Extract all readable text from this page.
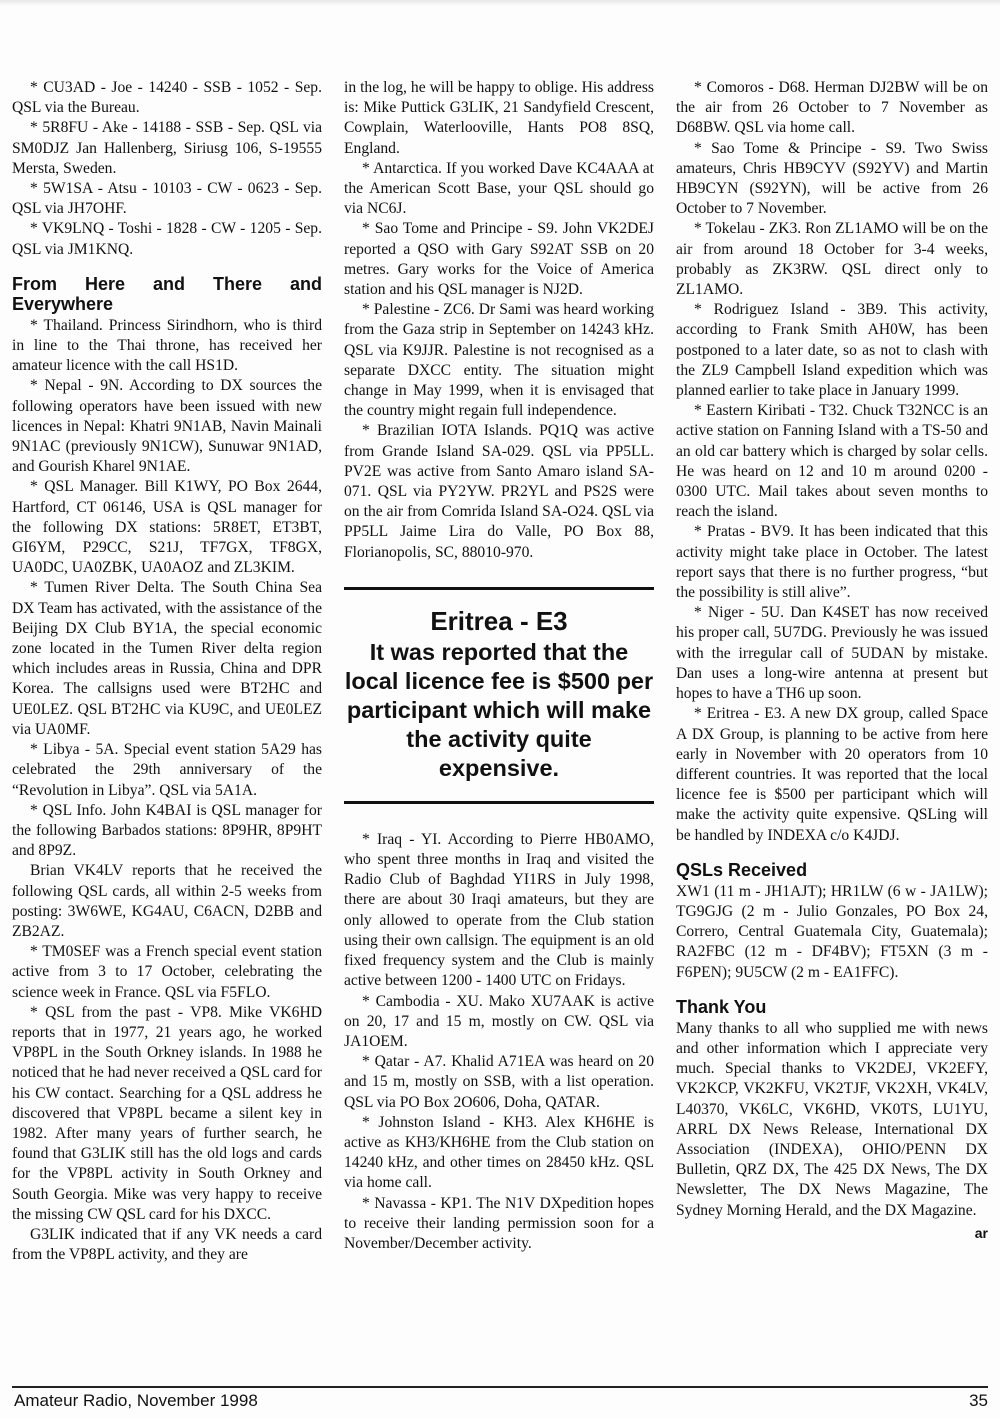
* CU3AD - Joe - 14240 - SSB - 1052 - Sep. QSL via the Bureau.

* 5R8FU - Ake - 14188 - SSB - Sep. QSL via SM0DJZ Jan Hallenberg, Siriusg 106, S-19555 Mersta, Sweden.

* 5W1SA - Atsu - 10103 - CW - 0623 - Sep. QSL via JH7OHF.

* VK9LNQ - Toshi - 1828 - CW - 1205 - Sep. QSL via JM1KNQ.

From Here and There and Everywhere

* Thailand. Princess Sirindhorn, who is third in line to the Thai throne, has received her amateur licence with the call HS1D.

* Nepal - 9N. According to DX sources the following operators have been issued with new licences in Nepal: Khatri 9N1AB, Navin Mainali 9N1AC (previously 9N1CW), Sunuwar 9N1AD, and Gourish Kharel 9N1AE.

* QSL Manager. Bill K1WY, PO Box 2644, Hartford, CT 06146, USA is QSL manager for the following DX stations: 5R8ET, ET3BT, GI6YM, P29CC, S21J, TF7GX, TF8GX, UA0DC, UA0ZBK, UA0AOZ and ZL3KIM.

* Tumen River Delta. The South China Sea DX Team has activated, with the assistance of the Beijing DX Club BY1A, the special economic zone located in the Tumen River delta region which includes areas in Russia, China and DPR Korea. The callsigns used were BT2HC and UE0LEZ. QSL BT2HC via KU9C, and UE0LEZ via UA0MF.

* Libya - 5A. Special event station 5A29 has celebrated the 29th anniversary of the “Revolution in Libya”. QSL via 5A1A.

* QSL Info. John K4BAI is QSL manager for the following Barbados stations: 8P9HR, 8P9HT and 8P9Z.

Brian VK4LV reports that he received the following QSL cards, all within 2-5 weeks from posting: 3W6WE, KG4AU, C6ACN, D2BB and ZB2AZ.

* TM0SEF was a French special event station active from 3 to 17 October, celebrating the science week in France. QSL via F5FLO.

* QSL from the past - VP8. Mike VK6HD reports that in 1977, 21 years ago, he worked VP8PL in the South Orkney islands. In 1988 he noticed that he had never received a QSL card for his CW contact. Searching for a QSL address he discovered that VP8PL became a silent key in 1982. After many years of further search, he found that G3LIK still has the old logs and cards for the VP8PL activity in South Orkney and South Georgia. Mike was very happy to receive the missing CW QSL card for his DXCC.

G3LIK indicated that if any VK needs a card from the VP8PL activity, and they are

in the log, he will be happy to oblige. His address is: Mike Puttick G3LIK, 21 Sandyfield Crescent, Cowplain, Waterlooville, Hants PO8 8SQ, England.

* Antarctica. If you worked Dave KC4AAA at the American Scott Base, your QSL should go via NC6J.

* Sao Tome and Principe - S9. John VK2DEJ reported a QSO with Gary S92AT SSB on 20 metres. Gary works for the Voice of America station and his QSL manager is NJ2D.

* Palestine - ZC6. Dr Sami was heard working from the Gaza strip in September on 14243 kHz. QSL via K9JJR. Palestine is not recognised as a separate DXCC entity. The situation might change in May 1999, when it is envisaged that the country might regain full independence.

* Brazilian IOTA Islands. PQ1Q was active from Grande Island SA-029. QSL via PP5LL. PV2E was active from Santo Amaro island SA-071. QSL via PY2YW. PR2YL and PS2S were on the air from Comrida Island SA-O24. QSL via PP5LL Jaime Lira do Valle, PO Box 88, Florianopolis, SC, 88010-970.

Eritrea - E3
It was reported that the local licence fee is $500 per participant which will make the activity quite expensive.

* Iraq - YI. According to Pierre HB0AMO, who spent three months in Iraq and visited the Radio Club of Baghdad YI1RS in July 1998, there are about 30 Iraqi amateurs, but they are only allowed to operate from the Club station using their own callsign. The equipment is an old fixed frequency system and the Club is mainly active between 1200 - 1400 UTC on Fridays.

* Cambodia - XU. Mako XU7AAK is active on 20, 17 and 15 m, mostly on CW. QSL via JA1OEM.

* Qatar - A7. Khalid A71EA was heard on 20 and 15 m, mostly on SSB, with a list operation. QSL via PO Box 2O606, Doha, QATAR.

* Johnston Island - KH3. Alex KH6HE is active as KH3/KH6HE from the Club station on 14240 kHz, and other times on 28450 kHz. QSL via home call.

* Navassa - KP1. The N1V DXpedition hopes to receive their landing permission soon for a November/December activity.

* Comoros - D68. Herman DJ2BW will be on the air from 26 October to 7 November as D68BW. QSL via home call.

* Sao Tome & Principe - S9. Two Swiss amateurs, Chris HB9CYV (S92YV) and Martin HB9CYN (S92YN), will be active from 26 October to 7 November.

* Tokelau - ZK3. Ron ZL1AMO will be on the air from around 18 October for 3-4 weeks, probably as ZK3RW. QSL direct only to ZL1AMO.

* Rodriguez Island - 3B9. This activity, according to Frank Smith AH0W, has been postponed to a later date, so as not to clash with the ZL9 Campbell Island expedition which was planned earlier to take place in January 1999.

* Eastern Kiribati - T32. Chuck T32NCC is an active station on Fanning Island with a TS-50 and an old car battery which is charged by solar cells. He was heard on 12 and 10 m around 0200 - 0300 UTC. Mail takes about seven months to reach the island.

* Pratas - BV9. It has been indicated that this activity might take place in October. The latest report says that there is no further progress, “but the possibility is still alive”.

* Niger - 5U. Dan K4SET has now received his proper call, 5U7DG. Previously he was issued with the irregular call of 5UDAN by mistake. Dan uses a long-wire antenna at present but hopes to have a TH6 up soon.

* Eritrea - E3. A new DX group, called Space A DX Group, is planning to be active from here early in November with 20 operators from 10 different countries. It was reported that the local licence fee is $500 per participant which will make the activity quite expensive. QSLing will be handled by INDEXA c/o K4JDJ.

QSLs Received

XW1 (11 m - JH1AJT); HR1LW (6 w - JA1LW); TG9GJG (2 m - Julio Gonzales, PO Box 24, Correro, Central Guatemala City, Guatemala); RA2FBC (12 m - DF4BV); FT5XN (3 m - F6PEN); 9U5CW (2 m - EA1FFC).

Thank You

Many thanks to all who supplied me with news and other information which I appreciate very much. Special thanks to VK2DEJ, VK2EFY, VK2KCP, VK2KFU, VK2TJF, VK2XH, VK4LV, L40370, VK6LC, VK6HD, VK0TS, LU1YU, ARRL DX News Release, International DX Association (INDEXA), OHIO/PENN DX Bulletin, QRZ DX, The 425 DX News, The DX Newsletter, The DX News Magazine, The Sydney Morning Herald, and the DX Magazine.

ar
Amateur Radio, November 1998	35
